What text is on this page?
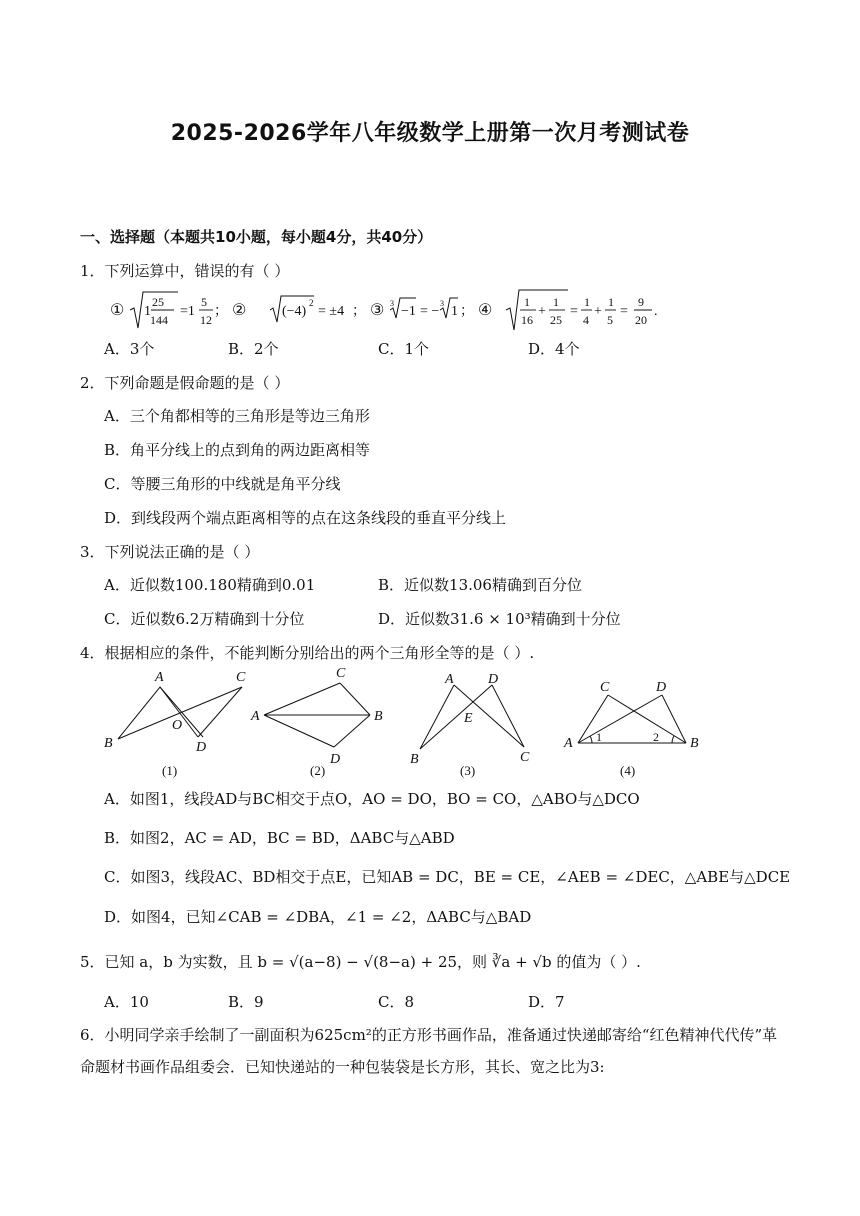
2025-2026学年八年级数学上册第一次月考测试卷
一、选择题（本题共10小题，每小题4分，共40分）
1．下列运算中，错误的有（ ）
① 1
25
144
=1
5
12
； ②	(−4)
2
= ±4 ； ③ 3
−1 = −
3
1 ； ④	1
16
+
1
25
=
1
4
+
1
5
=
9
20
.
A．3个	B．2个	C．1个	D．4个
2．下列命题是假命题的是（ ）
A．三个角都相等的三角形是等边三角形
B．角平分线上的点到角的两边距离相等
C．等腰三角形的中线就是角平分线
D．到线段两个端点距离相等的点在这条线段的垂直平分线上
3．下列说法正确的是（ ）
A．近似数100.180精确到0.01	B．近似数13.06精确到百分位
C．近似数6.2万精确到十分位	D．近似数31.6 × 10³精确到十分位
4．根据相应的条件，不能判断分别给出的两个三角形全等的是（ ）.
A
B
C
D
O
A	B
C
D
A
B	C
D
E
A	B
C	D
1	2
(1)	(2)	(3)	(4)
A．如图1，线段AD与BC相交于点O，AO = DO，BO = CO，△ABO与△DCO
B．如图2，AC = AD，BC = BD，ΔABC与△ABD
C．如图3，线段AC、BD相交于点E，已知AB = DC，BE = CE，∠AEB = ∠DEC，△ABE与△DCE
D．如图4，已知∠CAB = ∠DBA，∠1 = ∠2，ΔABC与△BAD
5．已知 a，b 为实数，且 b = √(a−8) − √(8−a) + 25，则 ∛a + √b 的值为（ ）.
A．10	B．9	C．8	D．7
6．小明同学亲手绘制了一副面积为625cm²的正方形书画作品，准备通过快递邮寄给“红色精神代代传”革命题材书画作品组委会．已知快递站的一种包装袋是长方形，其长、宽之比为3:
